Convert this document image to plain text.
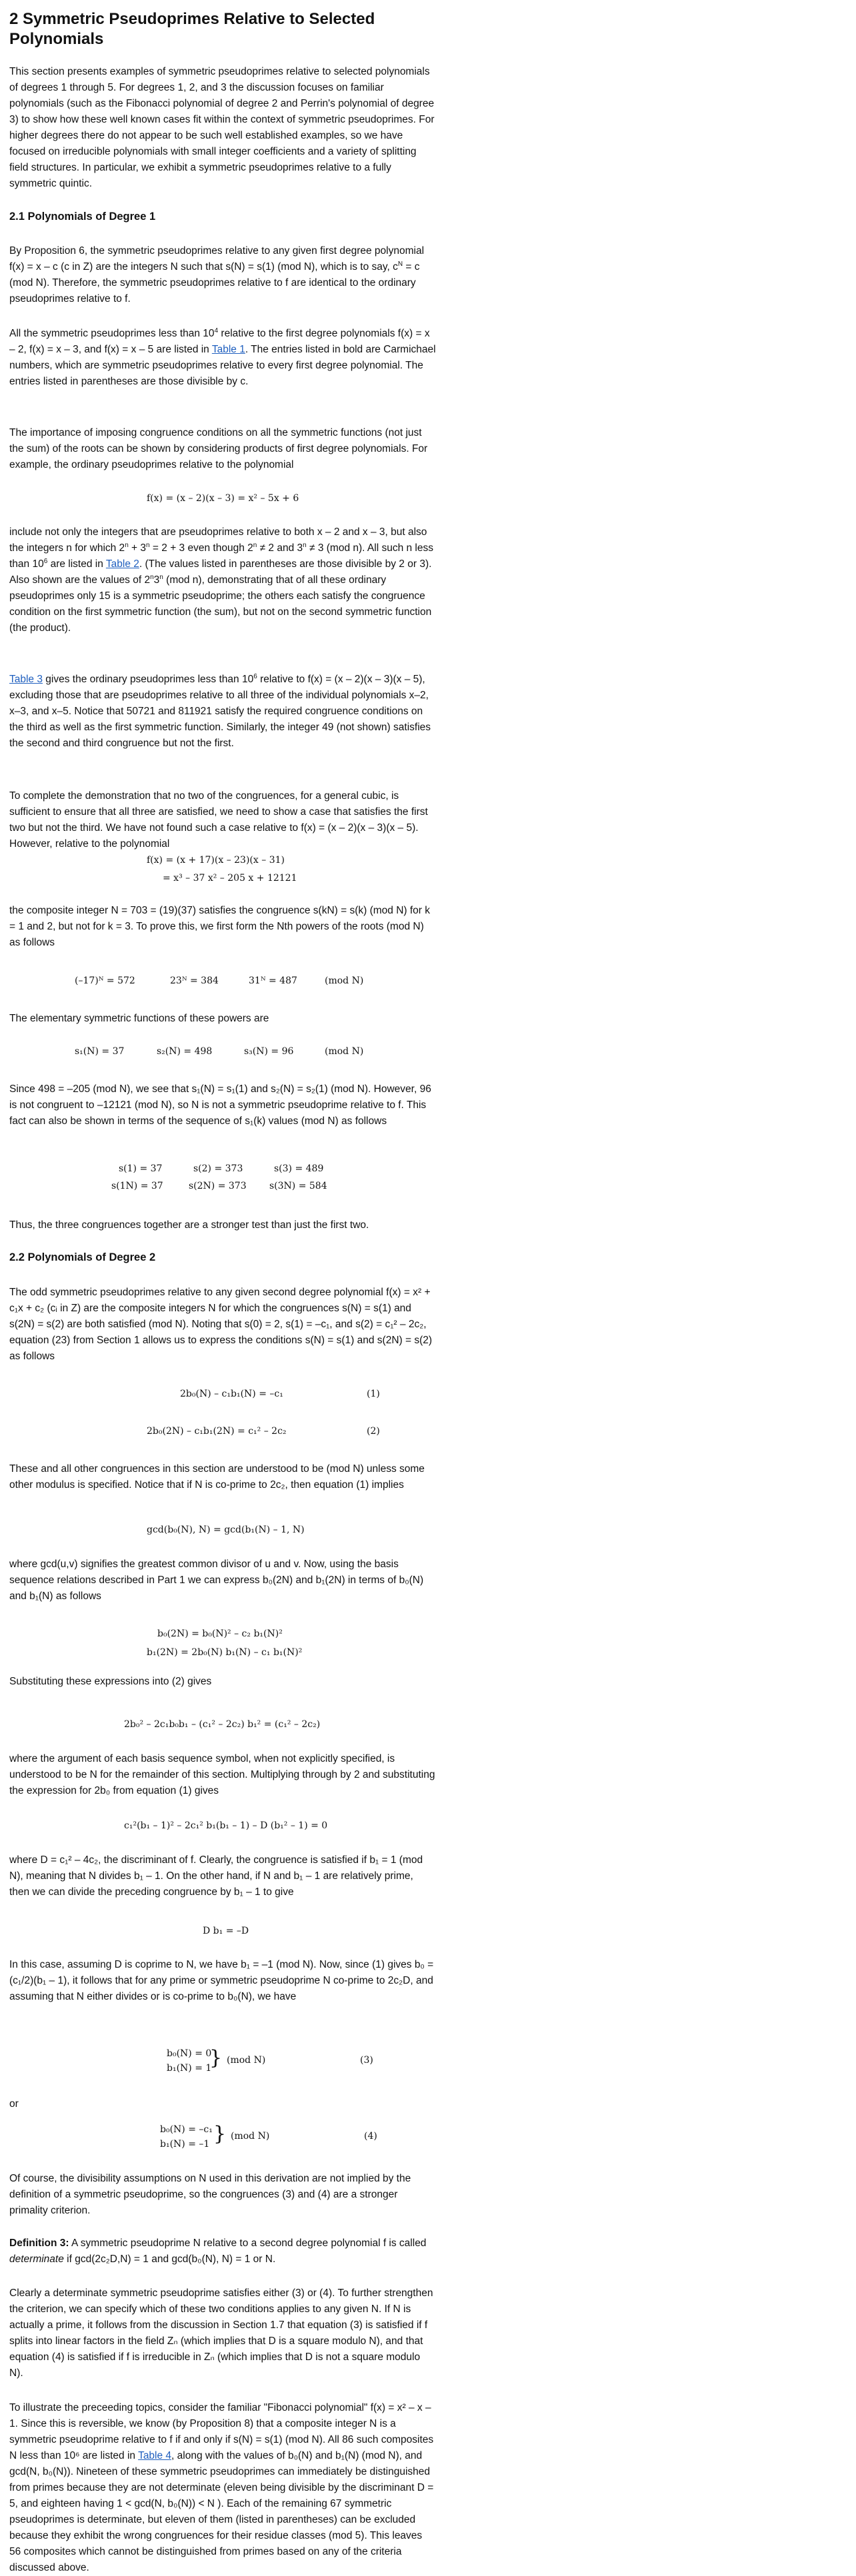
2 Symmetric Pseudoprimes Relative to Selected Polynomials

This section presents examples of symmetric pseudoprimes relative to selected polynomials of degrees 1 through 5. For degrees 1, 2, and 3 the discussion focuses on familiar polynomials (such as the Fibonacci polynomial of degree 2 and Perrin's polynomial of degree 3) to show how these well known cases fit within the context of symmetric pseudoprimes. For higher degrees there do not appear to be such well established examples, so we have focused on irreducible polynomials with small integer coefficients and a variety of splitting field structures. In particular, we exhibit a symmetric pseudoprimes relative to a fully symmetric quintic.

2.1 Polynomials of Degree 1

By Proposition 6, the symmetric pseudoprimes relative to any given first degree polynomial f(x) = x – c (c in Z) are the integers N such that s(N) = s(1) (mod N), which is to say, $c^N = c$ (mod N). Therefore, the symmetric pseudoprimes relative to f are identical to the ordinary pseudoprimes relative to f.

All the symmetric pseudoprimes less than $10^4$ relative to the first degree polynomials f(x) = x – 2, f(x) = x – 3, and f(x) = x – 5 are listed in Table 1. The entries listed in bold are Carmichael numbers, which are symmetric pseudoprimes relative to every first degree polynomial. The entries listed in parentheses are those divisible by c.

The importance of imposing congruence conditions on all the symmetric functions (not just the sum) of the roots can be shown by considering products of first degree polynomials. For example, the ordinary pseudoprimes relative to the polynomial

f(x) = (x – 2)(x – 3) = x² – 5x + 6

include not only the integers that are pseudoprimes relative to both x – 2 and x – 3, but also the integers n for which $2^n + 3^n = 2 + 3$ even though $2^n \ne 2$ and $3^n \ne 3$ (mod n). All such n less than $10^6$ are listed in Table 2. (The values listed in parentheses are those divisible by 2 or 3). Also shown are the values of 2$^n$3$^n$ (mod n), demonstrating that of all these ordinary pseudoprimes only 15 is a symmetric pseudoprime; the others each satisfy the congruence condition on the first symmetric function (the sum), but not on the second symmetric function (the product).

Table 3 gives the ordinary pseudoprimes less than $10^6$ relative to f(x) = (x – 2)(x – 3)(x – 5), excluding those that are pseudoprimes relative to all three of the individual polynomials x–2, x–3, and x–5. Notice that 50721 and 811921 satisfy the required congruence conditions on the third as well as the first symmetric function. Similarly, the integer 49 (not shown) satisfies the second and third congruence but not the first.

To complete the demonstration that no two of the congruences, for a general cubic, is sufficient to ensure that all three are satisfied, we need to show a case that satisfies the first two but not the third. We have not found such a case relative to f(x) = (x – 2)(x – 3)(x – 5). However, relative to the polynomial

f(x) = (x + 17)(x – 23)(x – 31)
= x³ – 37 x² – 205 x + 12121

the composite integer N = 703 = (19)(37) satisfies the congruence s(kN) = s(k) (mod N) for k = 1 and 2, but not for k = 3. To prove this, we first form the Nth powers of the roots (mod N) as follows

(–17)ᴺ = 572	23ᴺ = 384	31ᴺ = 487	(mod N)

The elementary symmetric functions of these powers are

s₁(N) = 37	s₂(N) = 498	s₃(N) = 96	(mod N)

Since 498 = –205 (mod N), we see that s₁(N) = s₁(1) and s₂(N) = s₂(1) (mod N). However, 96 is not congruent to –12121 (mod N), so N is not a symmetric pseudoprime relative to f. This fact can also be shown in terms of the sequence of s₁(k) values (mod N) as follows

s(1) = 37	s(2) = 373	s(3) = 489
s(1N) = 37	s(2N) = 373 s(3N) = 584

Thus, the three congruences together are a stronger test than just the first two.

2.2 Polynomials of Degree 2

The odd symmetric pseudoprimes relative to any given second degree polynomial f(x) = x² + c₁x + c₂ (cᵢ in Z) are the composite integers N for which the congruences s(N) = s(1) and s(2N) = s(2) are both satisfied (mod N). Noting that s(0) = 2, s(1) = –c₁, and s(2) = c₁² – 2c₂, equation (23) from Section 1 allows us to express the conditions s(N) = s(1) and s(2N) = s(2) as follows

2b₀(N) – c₁b₁(N) = –c₁	(1)
2b₀(2N) – c₁b₁(2N) = c₁² – 2c₂	(2)

These and all other congruences in this section are understood to be (mod N) unless some other modulus is specified. Notice that if N is co-prime to 2c₂, then equation (1) implies

gcd(b₀(N), N) = gcd(b₁(N) – 1, N)

where gcd(u,v) signifies the greatest common divisor of u and v. Now, using the basis sequence relations described in Part 1 we can express b₀(2N) and b₁(2N) in terms of b₀(N) and b₁(N) as follows

b₀(2N) = b₀(N)² – c₂ b₁(N)²
b₁(2N) = 2b₀(N) b₁(N) – c₁ b₁(N)²

Substituting these expressions into (2) gives

2b₀² – 2c₁b₀b₁ – (c₁² – 2c₂) b₁² = (c₁² – 2c₂)

where the argument of each basis sequence symbol, when not explicitly specified, is understood to be N for the remainder of this section. Multiplying through by 2 and substituting the expression for 2b₀ from equation (1) gives

c₁²(b₁ – 1)² – 2c₁² b₁(b₁ – 1) – D (b₁² – 1) = 0

where D = c₁² – 4c₂, the discriminant of f. Clearly, the congruence is satisfied if b₁ = 1 (mod N), meaning that N divides b₁ – 1. On the other hand, if N and b₁ – 1 are relatively prime, then we can divide the preceding congruence by b₁ – 1 to give

D b₁ = –D

In this case, assuming D is coprime to N, we have b₁ = –1 (mod N). Now, since (1) gives b₀ = (c₁/2)(b₁ – 1), it follows that for any prime or symmetric pseudoprime N co-prime to 2c₂D, and assuming that N either divides or is co-prime to b₀(N), we have

b₀(N) = 0
b₁(N) = 1
} (mod N)	(3)

or

b₀(N) = –c₁
b₁(N) = –1 } (mod N)	(4)

Of course, the divisibility assumptions on N used in this derivation are not implied by the definition of a symmetric pseudoprime, so the congruences (3) and (4) are a stronger primality criterion.

Definition 3: A symmetric pseudoprime N relative to a second degree polynomial f is called determinate if gcd(2c₂D,N) = 1 and gcd(b₀(N), N) = 1 or N.

Clearly a determinate symmetric pseudoprime satisfies either (3) or (4). To further strengthen the criterion, we can specify which of these two conditions applies to any given N. If N is actually a prime, it follows from the discussion in Section 1.7 that equation (3) is satisfied if f splits into linear factors in the field Zₙ (which implies that D is a square modulo N), and that equation (4) is satisfied if f is irreducible in Zₙ (which implies that D is not a square modulo N).

To illustrate the preceeding topics, consider the familiar "Fibonacci polynomial" f(x) = x² – x – 1. Since this is reversible, we know (by Proposition 8) that a composite integer N is a symmetric pseudoprime relative to f if and only if s(N) = s(1) (mod N). All 86 such composites N less than 10⁶ are listed in Table 4, along with the values of b₀(N) and b₁(N) (mod N), and gcd(N, b₀(N)). Nineteen of these symmetric pseudoprimes can immediately be distinguished from primes because they are not determinate (eleven being divisible by the discriminant D = 5, and eighteen having 1 < gcd(N, b₀(N)) < N ). Each of the remaining 67 symmetric pseudoprimes is determinate, but eleven of them (listed in parentheses) can be excluded because they exhibit the wrong congruences for their residue classes (mod 5). This leaves 56 composites which cannot be distinguished from primes based on any of the criteria discussed above.
